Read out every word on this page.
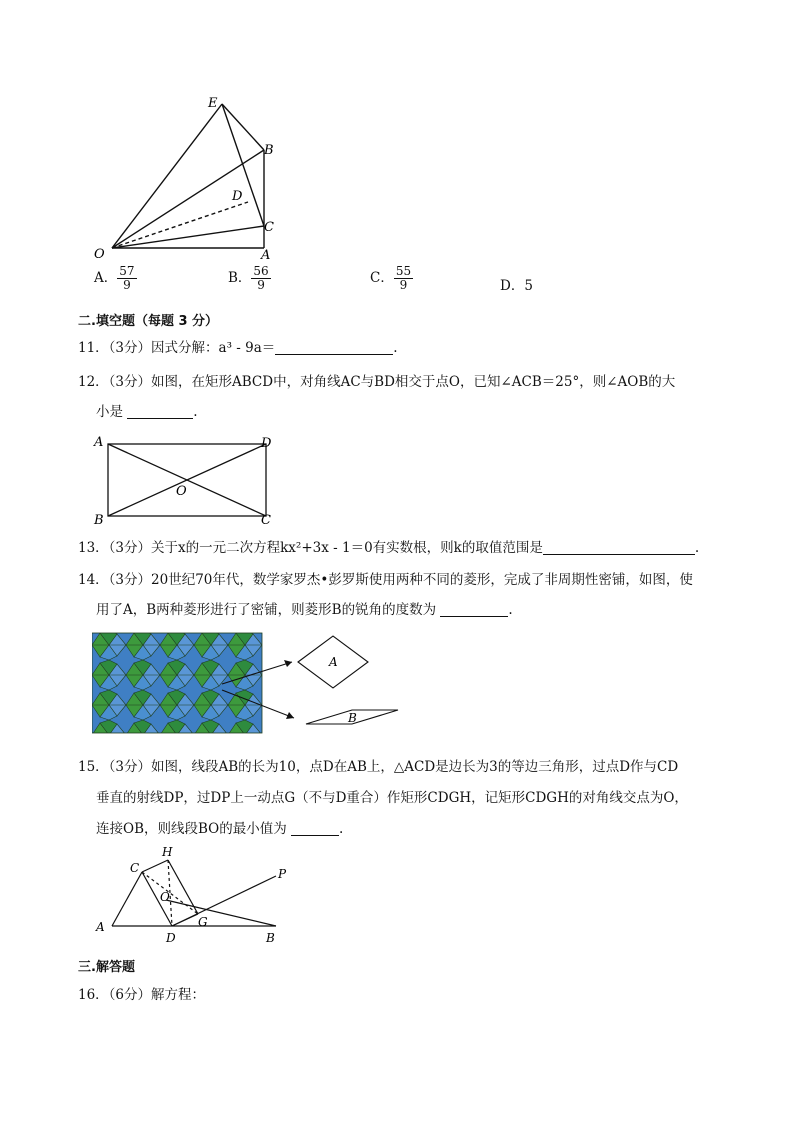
E
B
D
C
O	A
A． $\frac{57}{9}$	B． $\frac{56}{9}$	C． $\frac{55}{9}$	D．5
二.填空题（每题 3 分）
11．（3分）因式分解：a³ - 9a＝	.
12．（3分）如图，在矩形ABCD中，对角线AC与BD相交于点O，已知∠ACB＝25°，则∠AOB的大
小是	.
A	D
O
B	C
13．（3分）关于x的一元二次方程kx²+3x - 1＝0有实数根，则k的取值范围是	.
14．（3分）20世纪70年代，数学家罗杰•彭罗斯使用两种不同的菱形，完成了非周期性密铺，如图，使
用了A，B两种菱形进行了密铺，则菱形B的锐角的度数为	.
A
B
15．（3分）如图，线段AB的长为10，点D在AB上，△ACD是边长为3的等边三角形，过点D作与CD
垂直的射线DP，过DP上一动点G（不与D重合）作矩形CDGH，记矩形CDGH的对角线交点为O，
连接OB，则线段BO的最小值为	.
H
C
O
G
P
A
D	B
三.解答题
16．（6分）解方程：
